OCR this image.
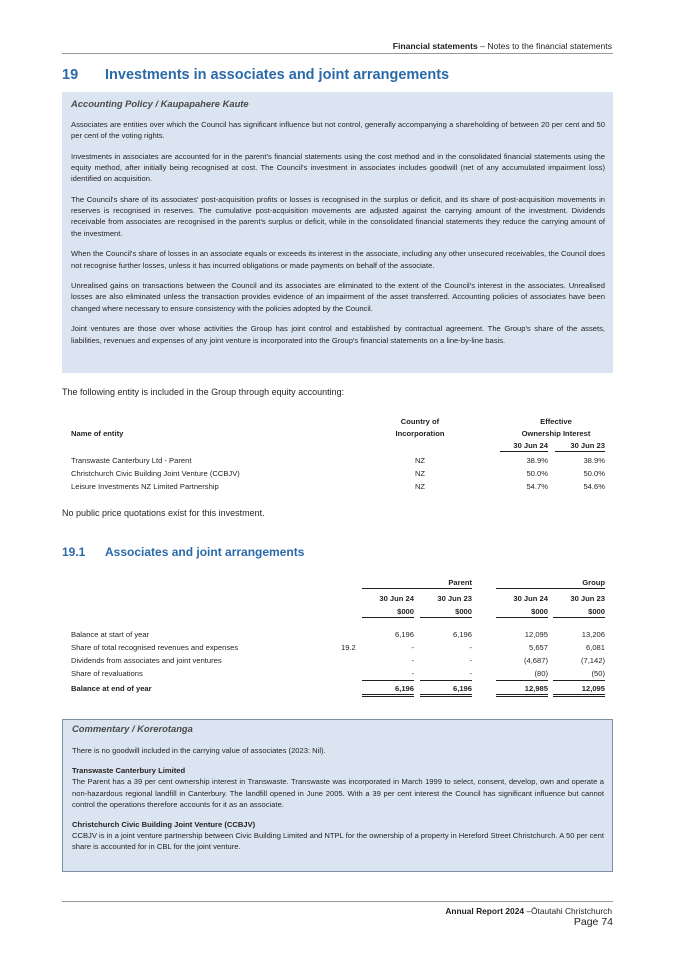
Financial statements – Notes to the financial statements
19 Investments in associates and joint arrangements
Accounting Policy / Kaupapahere Kaute

Associates are entities over which the Council has significant influence but not control, generally accompanying a shareholding of between 20 per cent and 50 per cent of the voting rights.

Investments in associates are accounted for in the parent's financial statements using the cost method and in the consolidated financial statements using the equity method, after initially being recognised at cost. The Council's investment in associates includes goodwill (net of any accumulated impairment loss) identified on acquisition.

The Council's share of its associates' post-acquisition profits or losses is recognised in the surplus or deficit, and its share of post-acquisition movements in reserves is recognised in reserves. The cumulative post-acquisition movements are adjusted against the carrying amount of the investment. Dividends receivable from associates are recognised in the parent's surplus or deficit, while in the consolidated financial statements they reduce the carrying amount of the investment.

When the Council's share of losses in an associate equals or exceeds its interest in the associate, including any other unsecured receivables, the Council does not recognise further losses, unless it has incurred obligations or made payments on behalf of the associate.

Unrealised gains on transactions between the Council and its associates are eliminated to the extent of the Council's interest in the associates. Unrealised losses are also eliminated unless the transaction provides evidence of an impairment of the asset transferred. Accounting policies of associates have been changed where necessary to ensure consistency with the policies adopted by the Council.

Joint ventures are those over whose activities the Group has joint control and established by contractual agreement. The Group's share of the assets, liabilities, revenues and expenses of any joint venture is incorporated into the Group's financial statements on a line-by-line basis.

The following entity is included in the Group through equity accounting:
Country of
Incorporation
Effective
Ownership Interest
Name of entity
30 Jun 24	30 Jun 23
Transwaste Canterbury Ltd - Parent	NZ	38.9%	38.9%
Christchurch Civic Building Joint Venture (CCBJV)	NZ	50.0%	50.0%
Leisure Investments NZ Limited Partnership	NZ	54.7%	54.6%
No public price quotations exist for this investment.
19.1 Associates and joint arrangements
Parent	Group
30 Jun 24	30 Jun 23	30 Jun 24	30 Jun 23
$000	$000	$000	$000
Balance at start of year	6,196	6,196	12,095	13,206
Share of total recognised revenues and expenses	19.2	-	-	5,657	6,081
Dividends from associates and joint ventures	-	-	(4,687)	(7,142)
Share of revaluations	-	-	(80)	(50)
Balance at end of year	6,196	6,196	12,985	12,095
Commentary / Korerotanga

There is no goodwill included in the carrying value of associates (2023: Nil).

Transwaste Canterbury Limited
The Parent has a 39 per cent ownership interest in Transwaste. Transwaste was incorporated in March 1999 to select, consent, develop, own and operate a non-hazardous regional landfill in Canterbury. The landfill opened in June 2005. With a 39 per cent interest the Council has significant influence but cannot control the operations therefore accounts for it as an associate.

Christchurch Civic Building Joint Venture (CCBJV)
CCBJV is in a joint venture partnership between Civic Building Limited and NTPL for the ownership of a property in Hereford Street Christchurch. A 50 per cent share is accounted for in CBL for the joint venture.

Annual Report 2024 –Ōtautahi Christchurch
Page 74
